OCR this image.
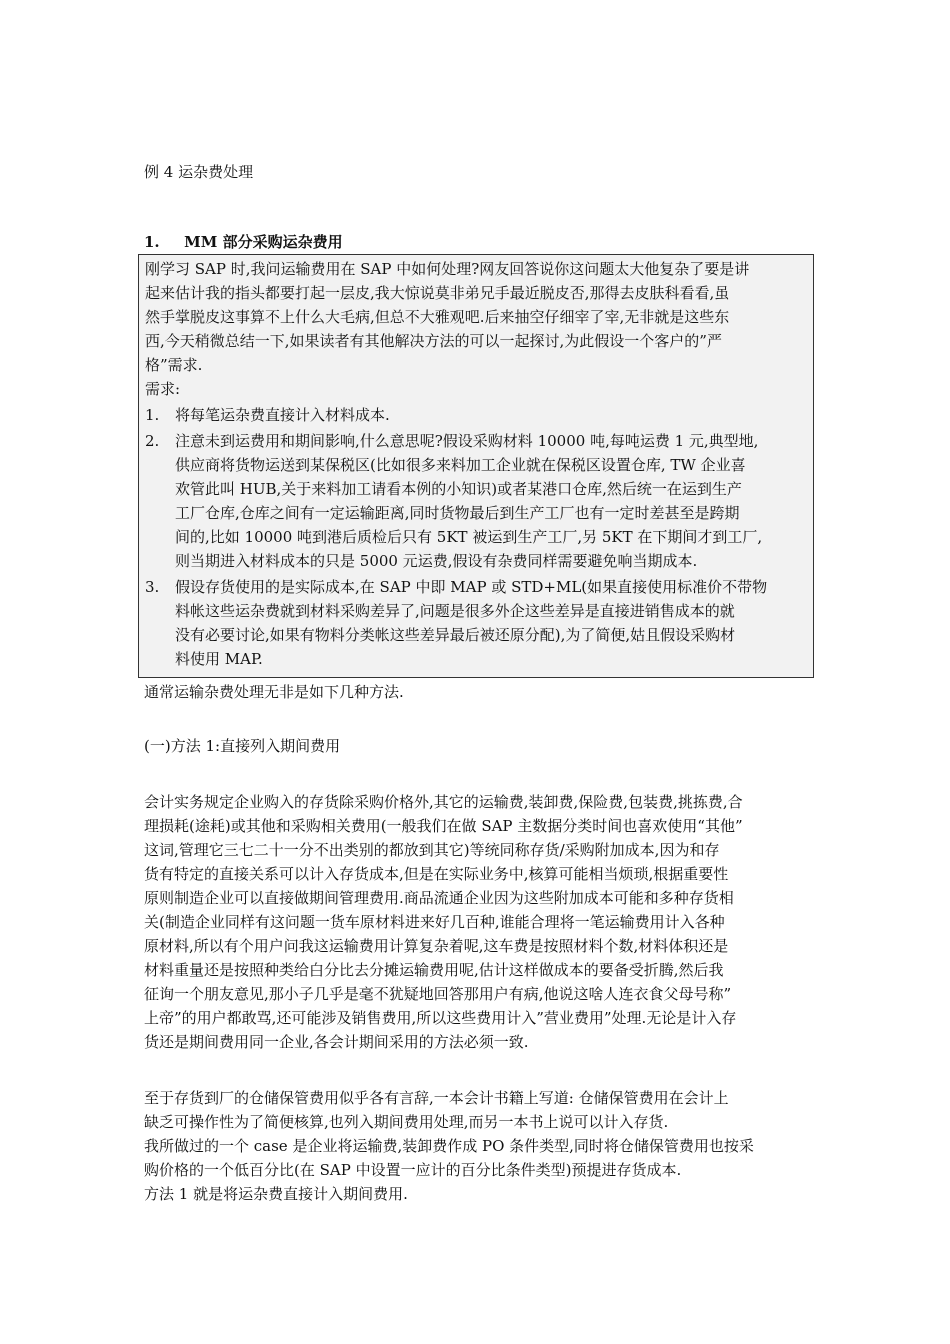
例 4 运杂费处理
1. MM 部分采购运杂费用
刚学习 SAP 时,我问运输费用在 SAP 中如何处理?网友回答说你这问题太大他复杂了要是讲
起来估计我的指头都要打起一层皮,我大惊说莫非弟兄手最近脱皮否,那得去皮肤科看看,虽
然手掌脱皮这事算不上什么大毛病,但总不大雅观吧.后来抽空仔细宰了宰,无非就是这些东
西,今天稍微总结一下,如果读者有其他解决方法的可以一起探讨,为此假设一个客户的”严
格”需求.
需求:
1. 将每笔运杂费直接计入材料成本.
2. 注意未到运费用和期间影响,什么意思呢?假设采购材料 10000 吨,每吨运费 1 元,典型地,
供应商将货物运送到某保税区(比如很多来料加工企业就在保税区设置仓库, TW 企业喜
欢管此叫 HUB,关于来料加工请看本例的小知识)或者某港口仓库,然后统一在运到生产
工厂仓库,仓库之间有一定运输距离,同时货物最后到生产工厂也有一定时差甚至是跨期
间的,比如 10000 吨到港后质检后只有 5KT 被运到生产工厂,另 5KT 在下期间才到工厂,
则当期进入材料成本的只是 5000 元运费,假设有杂费同样需要避免响当期成本.
3. 假设存货使用的是实际成本,在 SAP 中即 MAP 或 STD+ML(如果直接使用标准价不带物
料帐这些运杂费就到材料采购差异了,问题是很多外企这些差异是直接进销售成本的就
没有必要讨论,如果有物料分类帐这些差异最后被还原分配),为了简便,姑且假设采购材
料使用 MAP.
通常运输杂费处理无非是如下几种方法.
(一)方法 1:直接列入期间费用
会计实务规定企业购入的存货除采购价格外,其它的运输费,装卸费,保险费,包装费,挑拣费,合
理损耗(途耗)或其他和采购相关费用(一般我们在做 SAP 主数据分类时间也喜欢使用“其他”
这词,管理它三七二十一分不出类别的都放到其它)等统同称存货/采购附加成本,因为和存
货有特定的直接关系可以计入存货成本,但是在实际业务中,核算可能相当烦琐,根据重要性
原则制造企业可以直接做期间管理费用.商品流通企业因为这些附加成本可能和多种存货相
关(制造企业同样有这问题一货车原材料进来好几百种,谁能合理将一笔运输费用计入各种
原材料,所以有个用户问我这运输费用计算复杂着呢,这车费是按照材料个数,材料体积还是
材料重量还是按照种类给白分比去分摊运输费用呢,估计这样做成本的要备受折腾,然后我
征询一个朋友意见,那小子几乎是毫不犹疑地回答那用户有病,他说这啥人连衣食父母号称”
上帝”的用户都敢骂,还可能涉及销售费用,所以这些费用计入”营业费用”处理.无论是计入存
货还是期间费用同一企业,各会计期间采用的方法必须一致.
至于存货到厂的仓储保管费用似乎各有言辞,一本会计书籍上写道: 仓储保管费用在会计上
缺乏可操作性为了简便核算,也列入期间费用处理,而另一本书上说可以计入存货.
我所做过的一个 case 是企业将运输费,装卸费作成 PO 条件类型,同时将仓储保管费用也按采
购价格的一个低百分比(在 SAP 中设置一应计的百分比条件类型)预提进存货成本.
方法 1 就是将运杂费直接计入期间费用.
